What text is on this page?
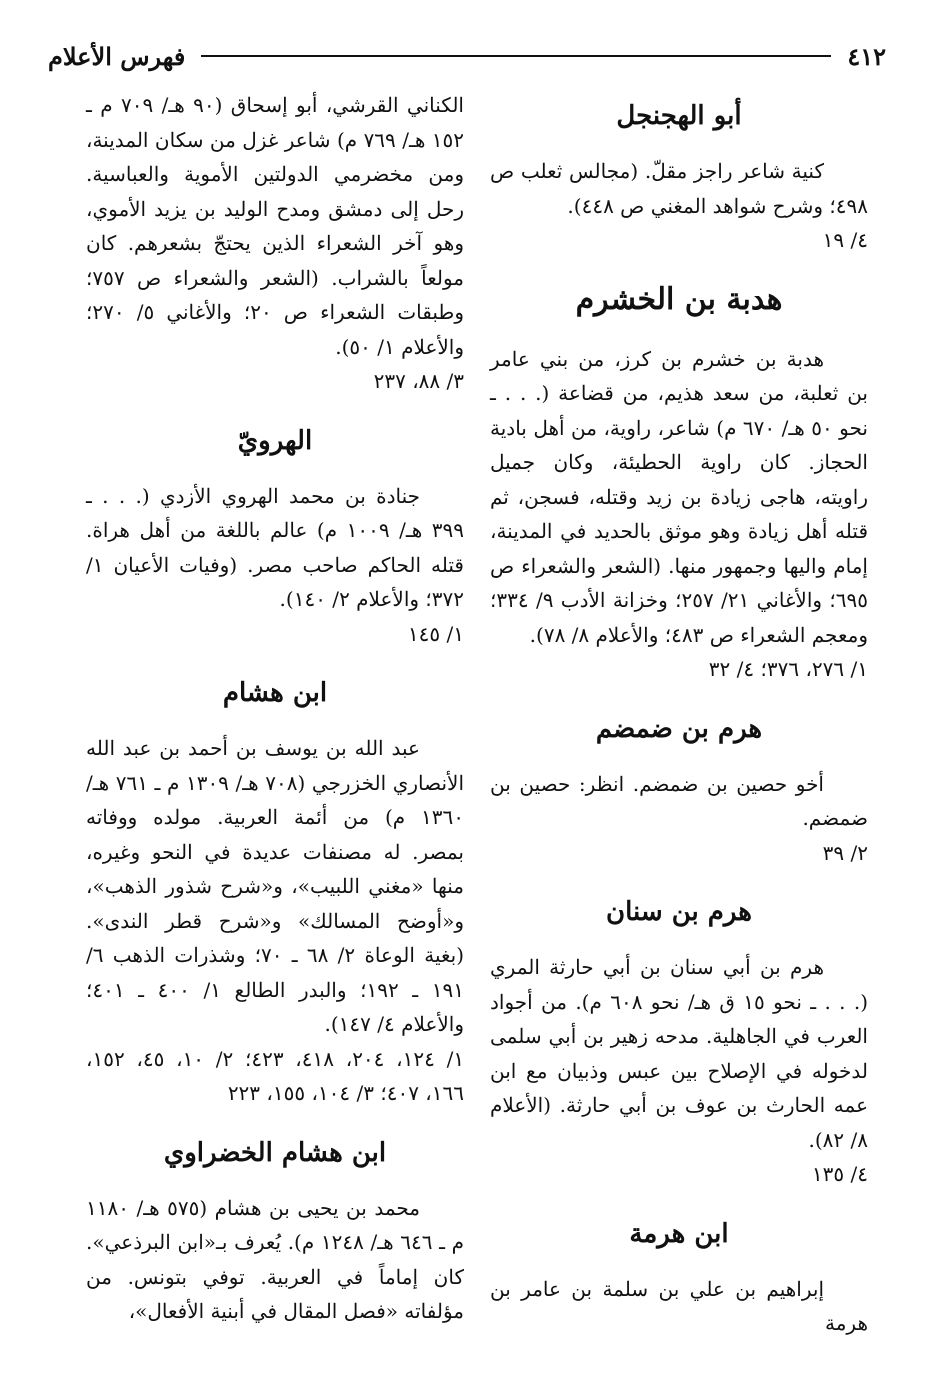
٤١٢
فهرس الأعلام
أبو الهجنجل

كنية شاعر راجز مقلّ. (مجالس ثعلب ص ٤٩٨؛ وشرح شواهد المغني ص ٤٤٨).

٤/ ١٩

هدبة بن الخشرم

هدبة بن خشرم بن كرز، من بني عامر بن ثعلبة، من سعد هذيم، من قضاعة (. . . ـ نحو ٥٠ هـ/ ٦٧٠ م) شاعر، راوية، من أهل بادية الحجاز. كان راوية الحطيئة، وكان جميل راويته، هاجى زيادة بن زيد وقتله، فسجن، ثم قتله أهل زيادة وهو موثق بالحديد في المدينة، إمام واليها وجمهور منها. (الشعر والشعراء ص ٦٩٥؛ والأغاني ٢١/ ٢٥٧؛ وخزانة الأدب ٩/ ٣٣٤؛ ومعجم الشعراء ص ٤٨٣؛ والأعلام ٨/ ٧٨).

١/ ٢٧٦، ٣٧٦؛ ٤/ ٣٢

هرم بن ضمضم

أخو حصين بن ضمضم. انظر: حصين بن ضمضم.

٢/ ٣٩

هرم بن سنان

هرم بن أبي سنان بن أبي حارثة المري (. . . ـ نحو ١٥ ق هـ/ نحو ٦٠٨ م). من أجواد العرب في الجاهلية. مدحه زهير بن أبي سلمى لدخوله في الإصلاح بين عبس وذبيان مع ابن عمه الحارث بن عوف بن أبي حارثة. (الأعلام ٨/ ٨٢).

٤/ ١٣٥

ابن هرمة

إبراهيم بن علي بن سلمة بن عامر بن هرمة

الكناني القرشي، أبو إسحاق (٩٠ هـ/ ٧٠٩ م ـ ١٥٢ هـ/ ٧٦٩ م) شاعر غزل من سكان المدينة، ومن مخضرمي الدولتين الأموية والعباسية. رحل إلى دمشق ومدح الوليد بن يزيد الأموي، وهو آخر الشعراء الذين يحتجّ بشعرهم. كان مولعاً بالشراب. (الشعر والشعراء ص ٧٥٧؛ وطبقات الشعراء ص ٢٠؛ والأغاني ٥/ ٢٧٠؛ والأعلام ١/ ٥٠).

٣/ ٨٨، ٢٣٧

الهرويّ

جنادة بن محمد الهروي الأزدي (. . . ـ ٣٩٩ هـ/ ١٠٠٩ م) عالم باللغة من أهل هراة. قتله الحاكم صاحب مصر. (وفيات الأعيان ١/ ٣٧٢؛ والأعلام ٢/ ١٤٠).

١/ ١٤٥

ابن هشام

عبد الله بن يوسف بن أحمد بن عبد الله الأنصاري الخزرجي (٧٠٨ هـ/ ١٣٠٩ م ـ ٧٦١ هـ/ ١٣٦٠ م) من أئمة العربية. مولده ووفاته بمصر. له مصنفات عديدة في النحو وغيره، منها «مغني اللبيب»، و«شرح شذور الذهب»، و«أوضح المسالك» و«شرح قطر الندى». (بغية الوعاة ٢/ ٦٨ ـ ٧٠؛ وشذرات الذهب ٦/ ١٩١ ـ ١٩٢؛ والبدر الطالع ١/ ٤٠٠ ـ ٤٠١؛ والأعلام ٤/ ١٤٧).

١/ ١٢٤، ٢٠٤، ٤١٨، ٤٢٣؛ ٢/ ١٠، ٤٥، ١٥٢، ١٦٦، ٤٠٧؛ ٣/ ١٠٤، ١٥٥، ٢٢٣

ابن هشام الخضراوي

محمد بن يحيى بن هشام (٥٧٥ هـ/ ١١٨٠ م ـ ٦٤٦ هـ/ ١٢٤٨ م). يُعرف بـ«ابن البرذعي». كان إماماً في العربية. توفي بتونس. من مؤلفاته «فصل المقال في أبنية الأفعال»،
